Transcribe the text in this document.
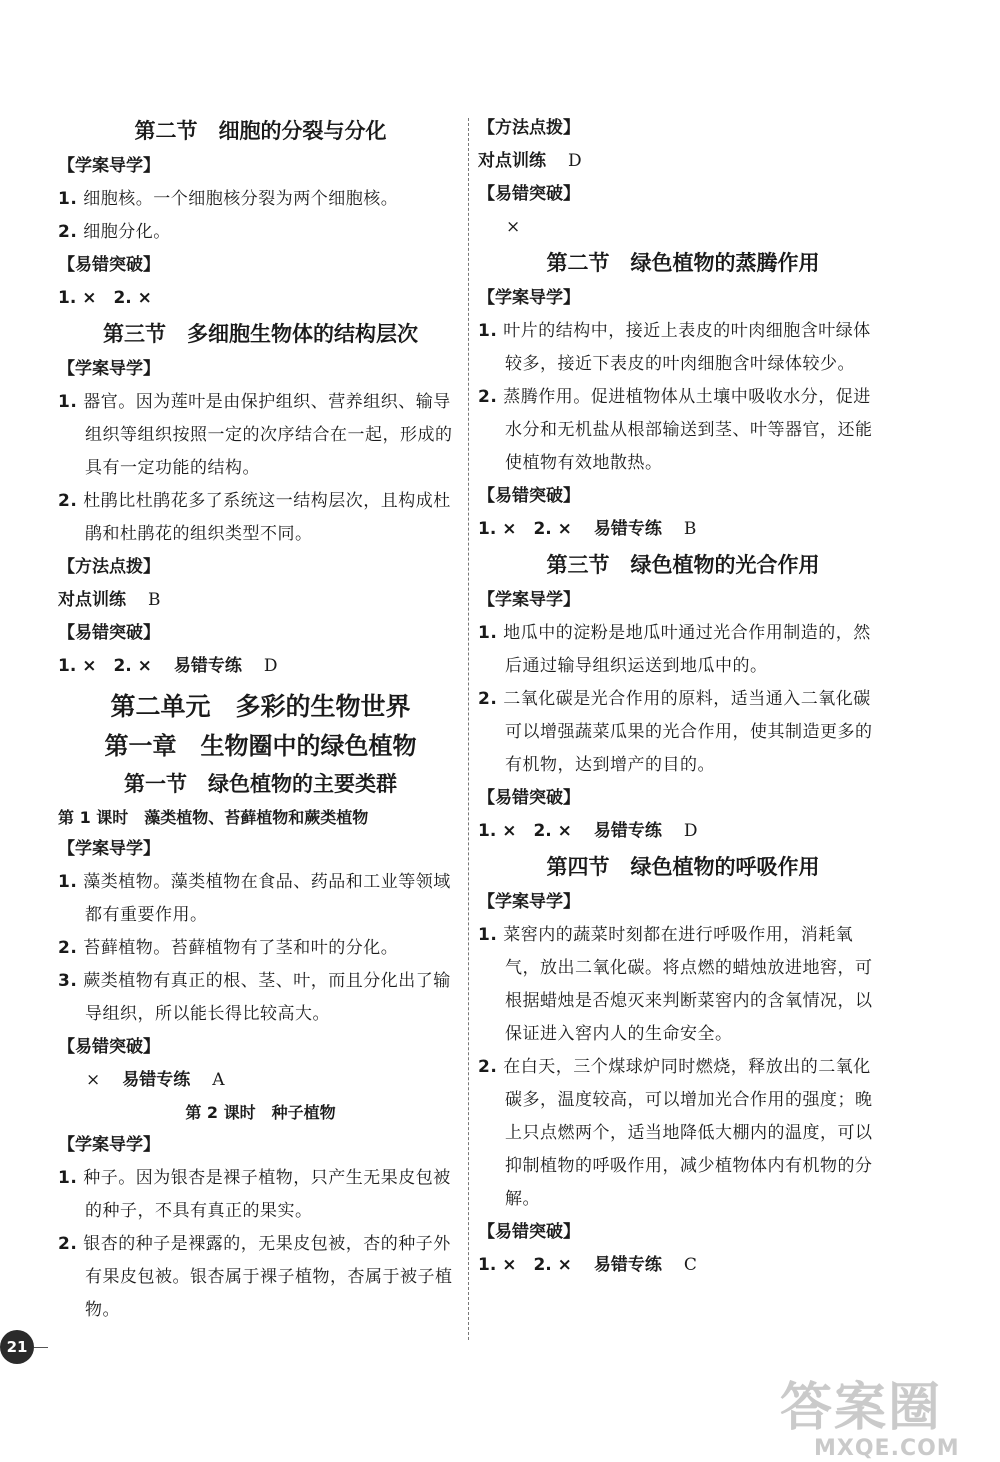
第二节　细胞的分裂与分化
【学案导学】
1. 细胞核。一个细胞核分裂为两个细胞核。
2. 细胞分化。
【易错突破】
1. ×　2. ×
第三节　多细胞生物体的结构层次
【学案导学】
1. 器官。因为莲叶是由保护组织、营养组织、输导组织等组织按照一定的次序结合在一起，形成的具有一定功能的结构。
2. 杜鹃比杜鹃花多了系统这一结构层次，且构成杜鹃和杜鹃花的组织类型不同。
【方法点拨】
对点训练 B
【易错突破】
1. ×　2. × 易错专练 D
第二单元　多彩的生物世界
第一章　生物圈中的绿色植物
第一节　绿色植物的主要类群
第 1 课时　藻类植物、苔藓植物和蕨类植物
【学案导学】
1. 藻类植物。藻类植物在食品、药品和工业等领域都有重要作用。
2. 苔藓植物。苔藓植物有了茎和叶的分化。
3. 蕨类植物有真正的根、茎、叶，而且分化出了输导组织，所以能长得比较高大。
【易错突破】
× 易错专练 A
第 2 课时　种子植物
【学案导学】
1. 种子。因为银杏是裸子植物，只产生无果皮包被的种子，不具有真正的果实。
2. 银杏的种子是裸露的，无果皮包被，杏的种子外有果皮包被。银杏属于裸子植物，杏属于被子植物。
【方法点拨】
对点训练 D
【易错突破】
×
第二节　绿色植物的蒸腾作用
【学案导学】
1. 叶片的结构中，接近上表皮的叶肉细胞含叶绿体较多，接近下表皮的叶肉细胞含叶绿体较少。
2. 蒸腾作用。促进植物体从土壤中吸收水分，促进水分和无机盐从根部输送到茎、叶等器官，还能使植物有效地散热。
【易错突破】
1. ×　2. × 易错专练 B
第三节　绿色植物的光合作用
【学案导学】
1. 地瓜中的淀粉是地瓜叶通过光合作用制造的，然后通过输导组织运送到地瓜中的。
2. 二氧化碳是光合作用的原料，适当通入二氧化碳可以增强蔬菜瓜果的光合作用，使其制造更多的有机物，达到增产的目的。
【易错突破】
1. ×　2. × 易错专练 D
第四节　绿色植物的呼吸作用
【学案导学】
1. 菜窖内的蔬菜时刻都在进行呼吸作用，消耗氧气，放出二氧化碳。将点燃的蜡烛放进地窖，可根据蜡烛是否熄灭来判断菜窖内的含氧情况，以保证进入窖内人的生命安全。
2. 在白天，三个煤球炉同时燃烧，释放出的二氧化碳多，温度较高，可以增加光合作用的强度；晚上只点燃两个，适当地降低大棚内的温度，可以抑制植物的呼吸作用，减少植物体内有机物的分解。
【易错突破】
1. ×　2. × 易错专练 C
21
答案圈
MXQE.COM
